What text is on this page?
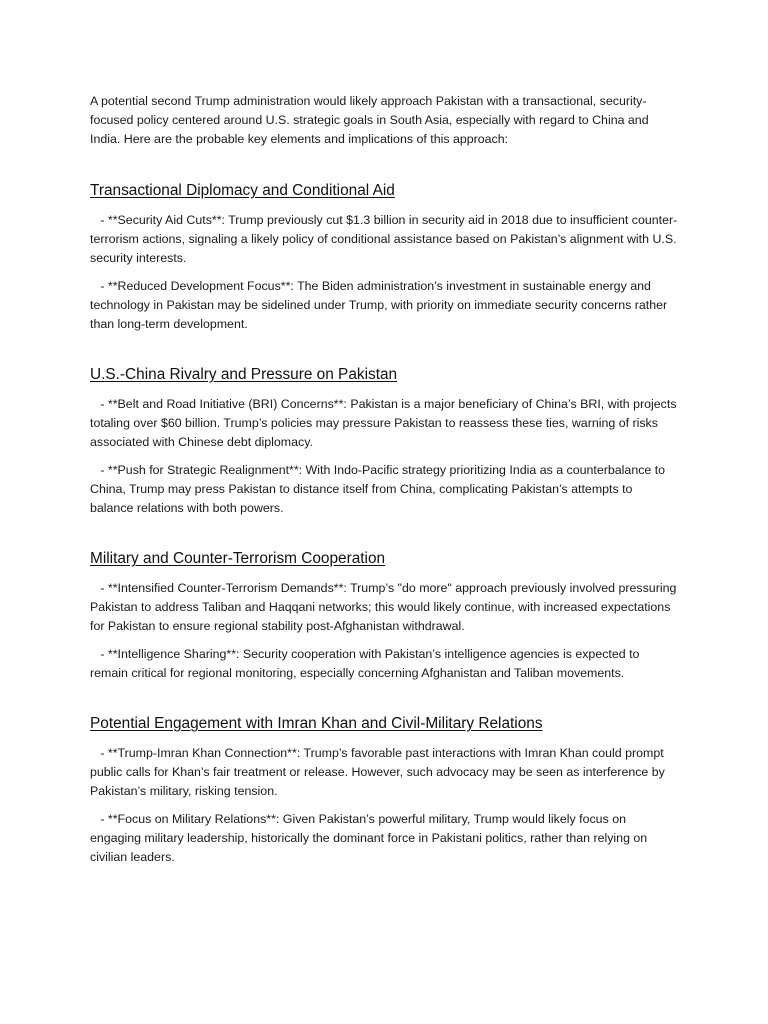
A potential second Trump administration would likely approach Pakistan with a transactional, security-focused policy centered around U.S. strategic goals in South Asia, especially with regard to China and India. Here are the probable key elements and implications of this approach:

Transactional Diplomacy and Conditional Aid

- **Security Aid Cuts**: Trump previously cut $1.3 billion in security aid in 2018 due to insufficient counter-terrorism actions, signaling a likely policy of conditional assistance based on Pakistan’s alignment with U.S. security interests.

- **Reduced Development Focus**: The Biden administration’s investment in sustainable energy and technology in Pakistan may be sidelined under Trump, with priority on immediate security concerns rather than long-term development.

U.S.-China Rivalry and Pressure on Pakistan

- **Belt and Road Initiative (BRI) Concerns**: Pakistan is a major beneficiary of China’s BRI, with projects totaling over $60 billion. Trump’s policies may pressure Pakistan to reassess these ties, warning of risks associated with Chinese debt diplomacy.

- **Push for Strategic Realignment**: With Indo-Pacific strategy prioritizing India as a counterbalance to China, Trump may press Pakistan to distance itself from China, complicating Pakistan’s attempts to balance relations with both powers.

Military and Counter-Terrorism Cooperation

- **Intensified Counter-Terrorism Demands**: Trump’s "do more" approach previously involved pressuring Pakistan to address Taliban and Haqqani networks; this would likely continue, with increased expectations for Pakistan to ensure regional stability post-Afghanistan withdrawal.

- **Intelligence Sharing**: Security cooperation with Pakistan’s intelligence agencies is expected to remain critical for regional monitoring, especially concerning Afghanistan and Taliban movements.

Potential Engagement with Imran Khan and Civil-Military Relations

- **Trump-Imran Khan Connection**: Trump’s favorable past interactions with Imran Khan could prompt public calls for Khan’s fair treatment or release. However, such advocacy may be seen as interference by Pakistan’s military, risking tension.

- **Focus on Military Relations**: Given Pakistan’s powerful military, Trump would likely focus on engaging military leadership, historically the dominant force in Pakistani politics, rather than relying on civilian leaders.
